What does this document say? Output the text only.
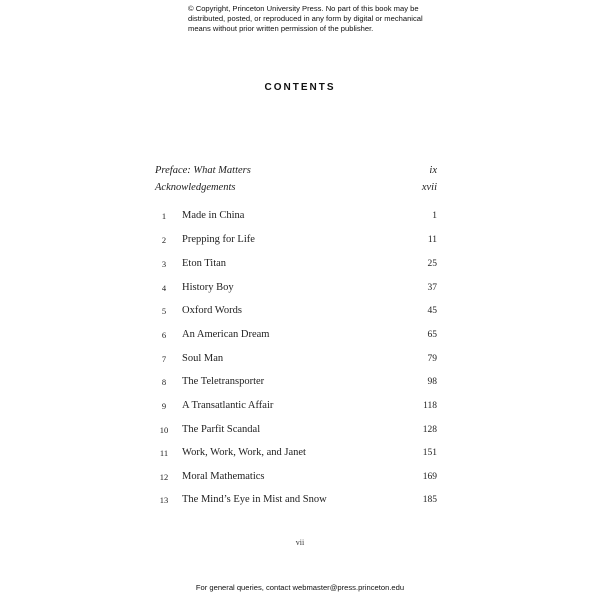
© Copyright, Princeton University Press. No part of this book may be distributed, posted, or reproduced in any form by digital or mechanical means without prior written permission of the publisher.
CONTENTS
Preface: What Matters	ix
Acknowledgements	xvii
1	Made in China	1
2	Prepping for Life	11
3	Eton Titan	25
4	History Boy	37
5	Oxford Words	45
6	An American Dream	65
7	Soul Man	79
8	The Teletransporter	98
9	A Transatlantic Affair	118
10 The Parfit Scandal	128
11 Work, Work, Work, and Janet	151
12 Moral Mathematics	169
13 The Mind’s Eye in Mist and Snow	185
vii
For general queries, contact webmaster@press.princeton.edu
